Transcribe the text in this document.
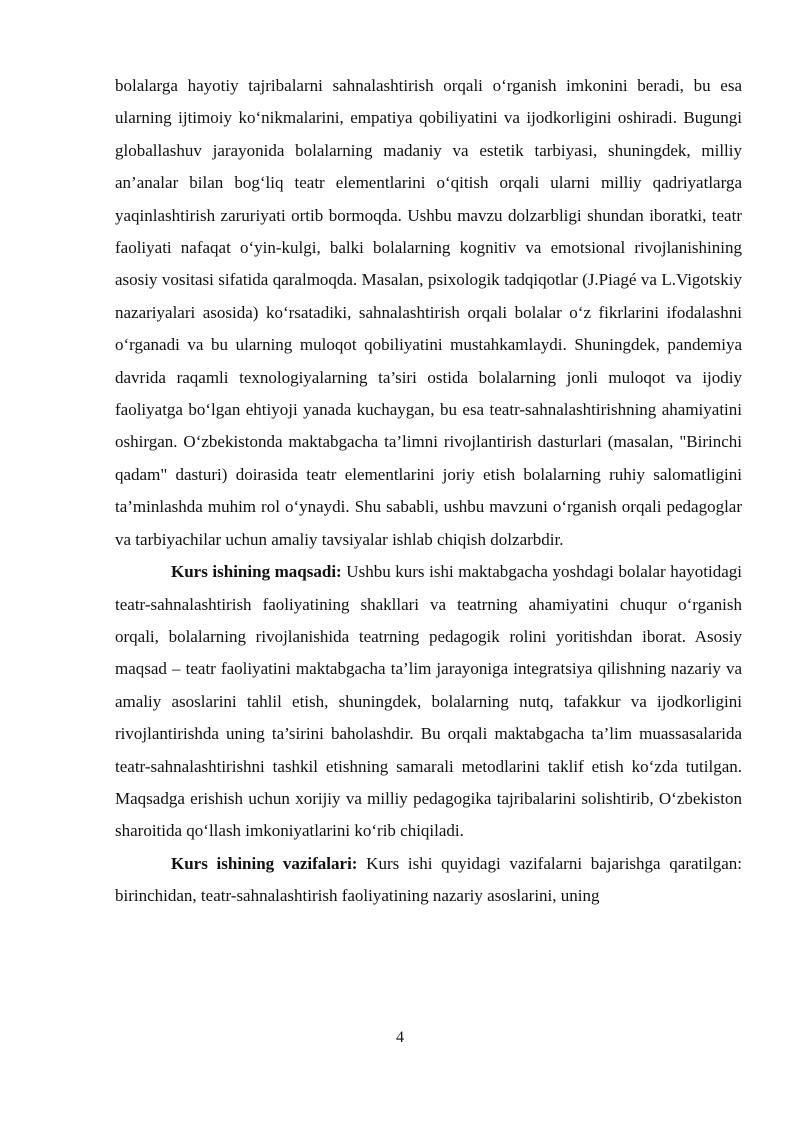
bolalarga hayotiy tajribalarni sahnalashtirish orqali o‘rganish imkonini beradi, bu esa ularning ijtimoiy ko‘nikmalarini, empatiya qobiliyatini va ijodkorligini oshiradi. Bugungi globallashuv jarayonida bolalarning madaniy va estetik tarbiyasi, shuningdek, milliy an’analar bilan bog‘liq teatr elementlarini o‘qitish orqali ularni milliy qadriyatlarga yaqinlashtirish zaruriyati ortib bormoqda. Ushbu mavzu dolzarbligi shundan iboratki, teatr faoliyati nafaqat o‘yin-kulgi, balki bolalarning kognitiv va emotsional rivojlanishining asosiy vositasi sifatida qaralmoqda. Masalan, psixologik tadqiqotlar (J.Piagé va L.Vigotskiy nazariyalari asosida) ko‘rsatadiki, sahnalashtirish orqali bolalar o‘z fikrlarini ifodalashni o‘rganadi va bu ularning muloqot qobiliyatini mustahkamlaydi. Shuningdek, pandemiya davrida raqamli texnologiyalarning ta’siri ostida bolalarning jonli muloqot va ijodiy faoliyatga bo‘lgan ehtiyoji yanada kuchaygan, bu esa teatr-sahnalashtirishning ahamiyatini oshirgan. O‘zbekistonda maktabgacha ta’limni rivojlantirish dasturlari (masalan, "Birinchi qadam" dasturi) doirasida teatr elementlarini joriy etish bolalarning ruhiy salomatligini ta’minlashda muhim rol o‘ynaydi. Shu sababli, ushbu mavzuni o‘rganish orqali pedagoglar va tarbiyachilar uchun amaliy tavsiyalar ishlab chiqish dolzarbdir.

Kurs ishining maqsadi: Ushbu kurs ishi maktabgacha yoshdagi bolalar hayotidagi teatr-sahnalashtirish faoliyatining shakllari va teatrning ahamiyatini chuqur o‘rganish orqali, bolalarning rivojlanishida teatrning pedagogik rolini yoritishdan iborat. Asosiy maqsad – teatr faoliyatini maktabgacha ta’lim jarayoniga integratsiya qilishning nazariy va amaliy asoslarini tahlil etish, shuningdek, bolalarning nutq, tafakkur va ijodkorligini rivojlantirishda uning ta’sirini baholashdir. Bu orqali maktabgacha ta’lim muassasalarida teatr-sahnalashtirishni tashkil etishning samarali metodlarini taklif etish ko‘zda tutilgan. Maqsadga erishish uchun xorijiy va milliy pedagogika tajribalarini solishtirib, O‘zbekiston sharoitida qo‘llash imkoniyatlarini ko‘rib chiqiladi.

Kurs ishining vazifalari: Kurs ishi quyidagi vazifalarni bajarishga qaratilgan: birinchidan, teatr-sahnalashtirish faoliyatining nazariy asoslarini, uning

4
